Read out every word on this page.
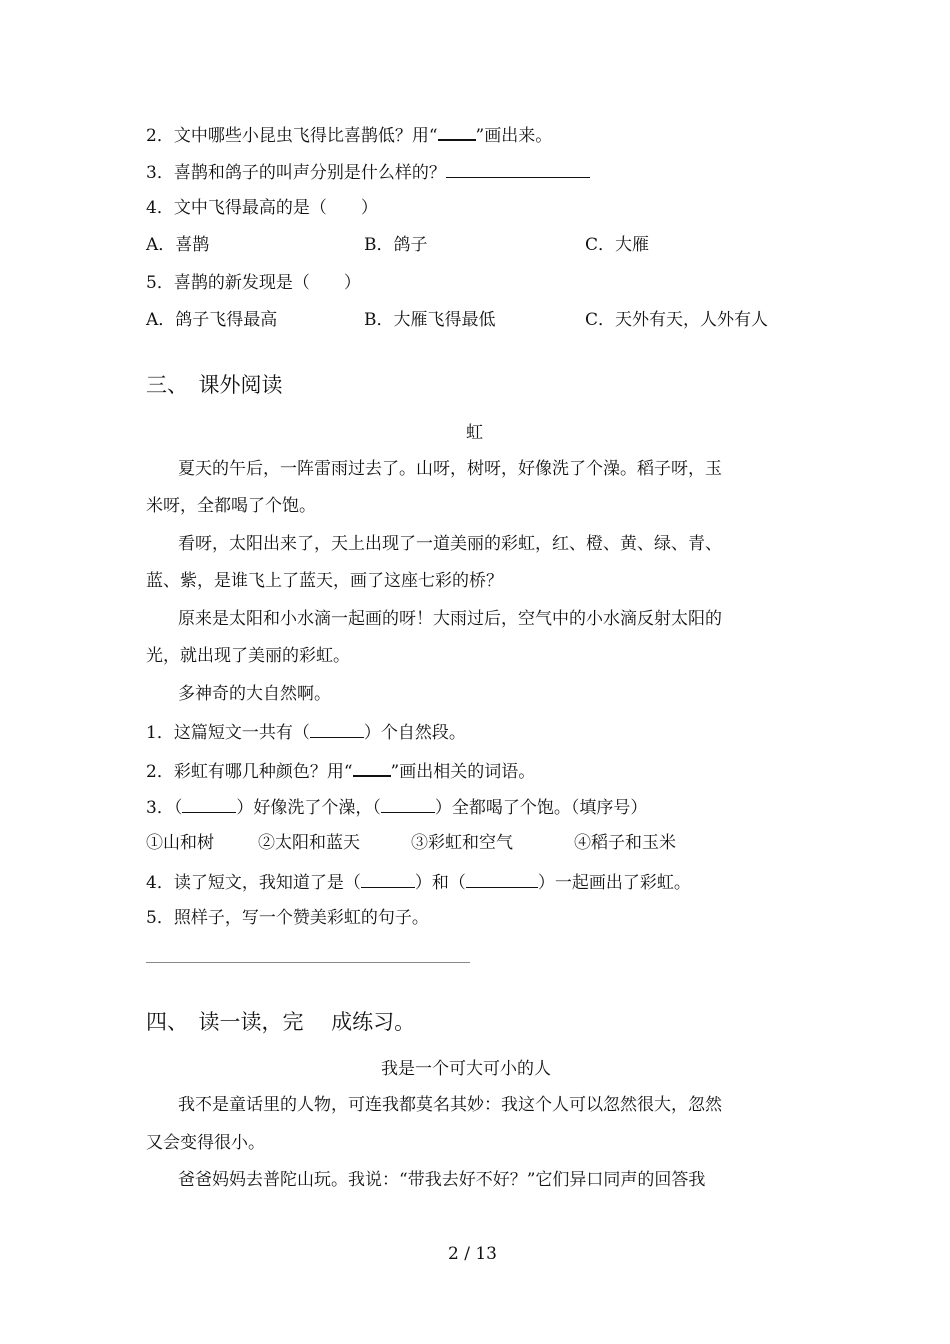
2．文中哪些小昆虫飞得比喜鹊低？用“ ”画出来。
3．喜鹊和鸽子的叫声分别是什么样的？
4．文中飞得最高的是（　　）
A．喜鹊	B．鸽子	C．大雁
5．喜鹊的新发现是（　　）
A．鸽子飞得最高	B．大雁飞得最低	C．天外有天，人外有人
三、　课外阅读
虹
夏天的午后，一阵雷雨过去了。山呀，树呀，好像洗了个澡。稻子呀，玉
米呀，全都喝了个饱。
看呀，太阳出来了，天上出现了一道美丽的彩虹，红、橙、黄、绿、青、
蓝、紫，是谁飞上了蓝天，画了这座七彩的桥？
原来是太阳和小水滴一起画的呀！大雨过后，空气中的小水滴反射太阳的
光，就出现了美丽的彩虹。
多神奇的大自然啊。
1．这篇短文一共有（	）个自然段。
2．彩虹有哪几种颜色？用“ ”画出相关的词语。
3．（	）好像洗了个澡，（	）全都喝了个饱。（填序号）
①山和树	②太阳和蓝天	③彩虹和空气	④稻子和玉米
4．读了短文，我知道了是（	）和（	）一起画出了彩虹。
5．照样子，写一个赞美彩虹的句子。
四、　读一读，完　 成练习。
我是一个可大可小的人
我不是童话里的人物，可连我都莫名其妙：我这个人可以忽然很大，忽然
又会变得很小。
爸爸妈妈去普陀山玩。我说：“带我去好不好？”它们异口同声的回答我
2 / 13
